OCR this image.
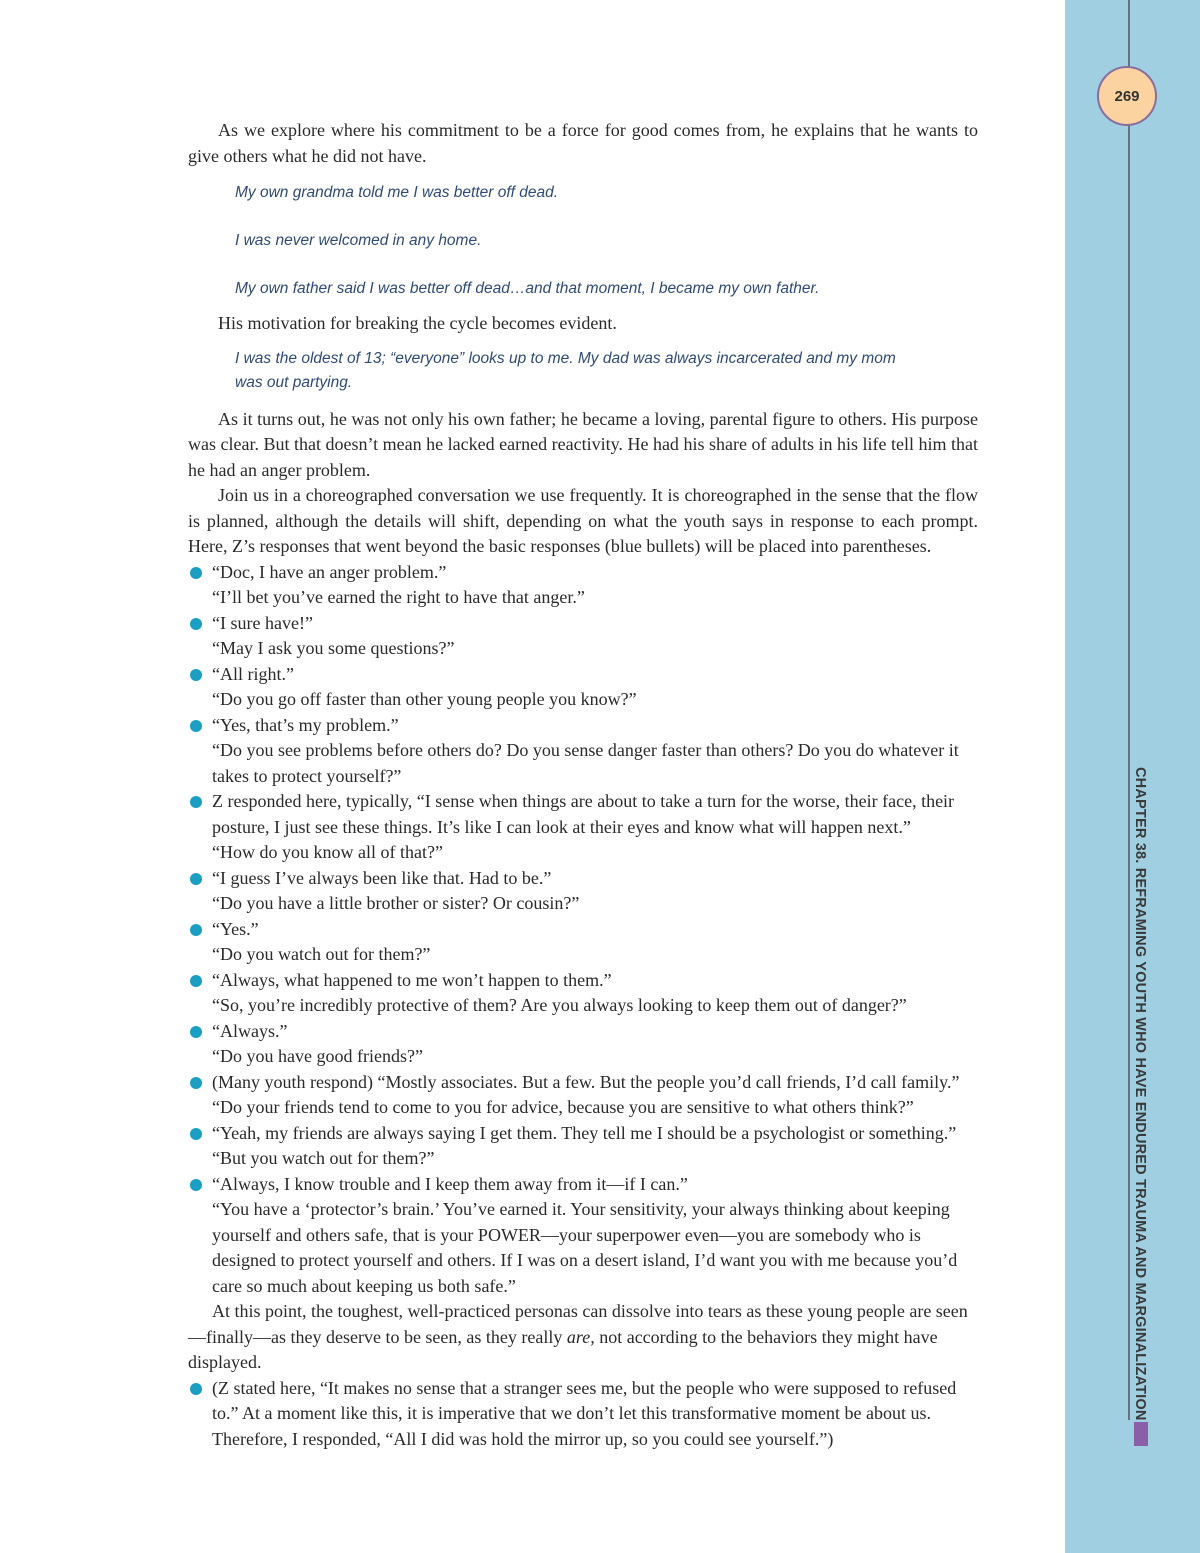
269
CHAPTER 38. REFRAMING YOUTH WHO HAVE ENDURED TRAUMA AND MARGINALIZATION

As we explore where his commitment to be a force for good comes from, he explains that he wants to give others what he did not have.

My own grandma told me I was better off dead.

I was never welcomed in any home.

My own father said I was better off dead…and that moment, I became my own father.

His motivation for breaking the cycle becomes evident.

I was the oldest of 13; “everyone” looks up to me. My dad was always incarcerated and my mom was out partying.

As it turns out, he was not only his own father; he became a loving, parental figure to others. His purpose was clear. But that doesn’t mean he lacked earned reactivity. He had his share of adults in his life tell him that he had an anger problem.

Join us in a choreographed conversation we use frequently. It is choreographed in the sense that the flow is planned, although the details will shift, depending on what the youth says in response to each prompt. Here, Z’s responses that went beyond the basic responses (blue bullets) will be placed into parentheses.

“Doc, I have an anger problem.”

“I’ll bet you’ve earned the right to have that anger.”

“I sure have!”

“May I ask you some questions?”

“All right.”

“Do you go off faster than other young people you know?”

“Yes, that’s my problem.”

“Do you see problems before others do? Do you sense danger faster than others? Do you do whatever it takes to protect yourself?”

Z responded here, typically, “I sense when things are about to take a turn for the worse, their face, their posture, I just see these things. It’s like I can look at their eyes and know what will happen next.”

“How do you know all of that?”

“I guess I’ve always been like that. Had to be.”

“Do you have a little brother or sister? Or cousin?”

“Yes.”

“Do you watch out for them?”

“Always, what happened to me won’t happen to them.”

“So, you’re incredibly protective of them? Are you always looking to keep them out of danger?”

“Always.”

“Do you have good friends?”

(Many youth respond) “Mostly associates. But a few. But the people you’d call friends, I’d call family.”

“Do your friends tend to come to you for advice, because you are sensitive to what others think?”

“Yeah, my friends are always saying I get them. They tell me I should be a psychologist or something.”

“But you watch out for them?”

“Always, I know trouble and I keep them away from it—if I can.”

“You have a ‘protector’s brain.’ You’ve earned it. Your sensitivity, your always thinking about keeping yourself and others safe, that is your POWER—your superpower even—you are somebody who is designed to protect yourself and others. If I was on a desert island, I’d want you with me because you’d care so much about keeping us both safe.”

At this point, the toughest, well-practiced personas can dissolve into tears as these young people are seen—finally—as they deserve to be seen, as they really are, not according to the behaviors they might have displayed.

(Z stated here, “It makes no sense that a stranger sees me, but the people who were supposed to refused to.” At a moment like this, it is imperative that we don’t let this transformative moment be about us. Therefore, I responded, “All I did was hold the mirror up, so you could see yourself.”)
